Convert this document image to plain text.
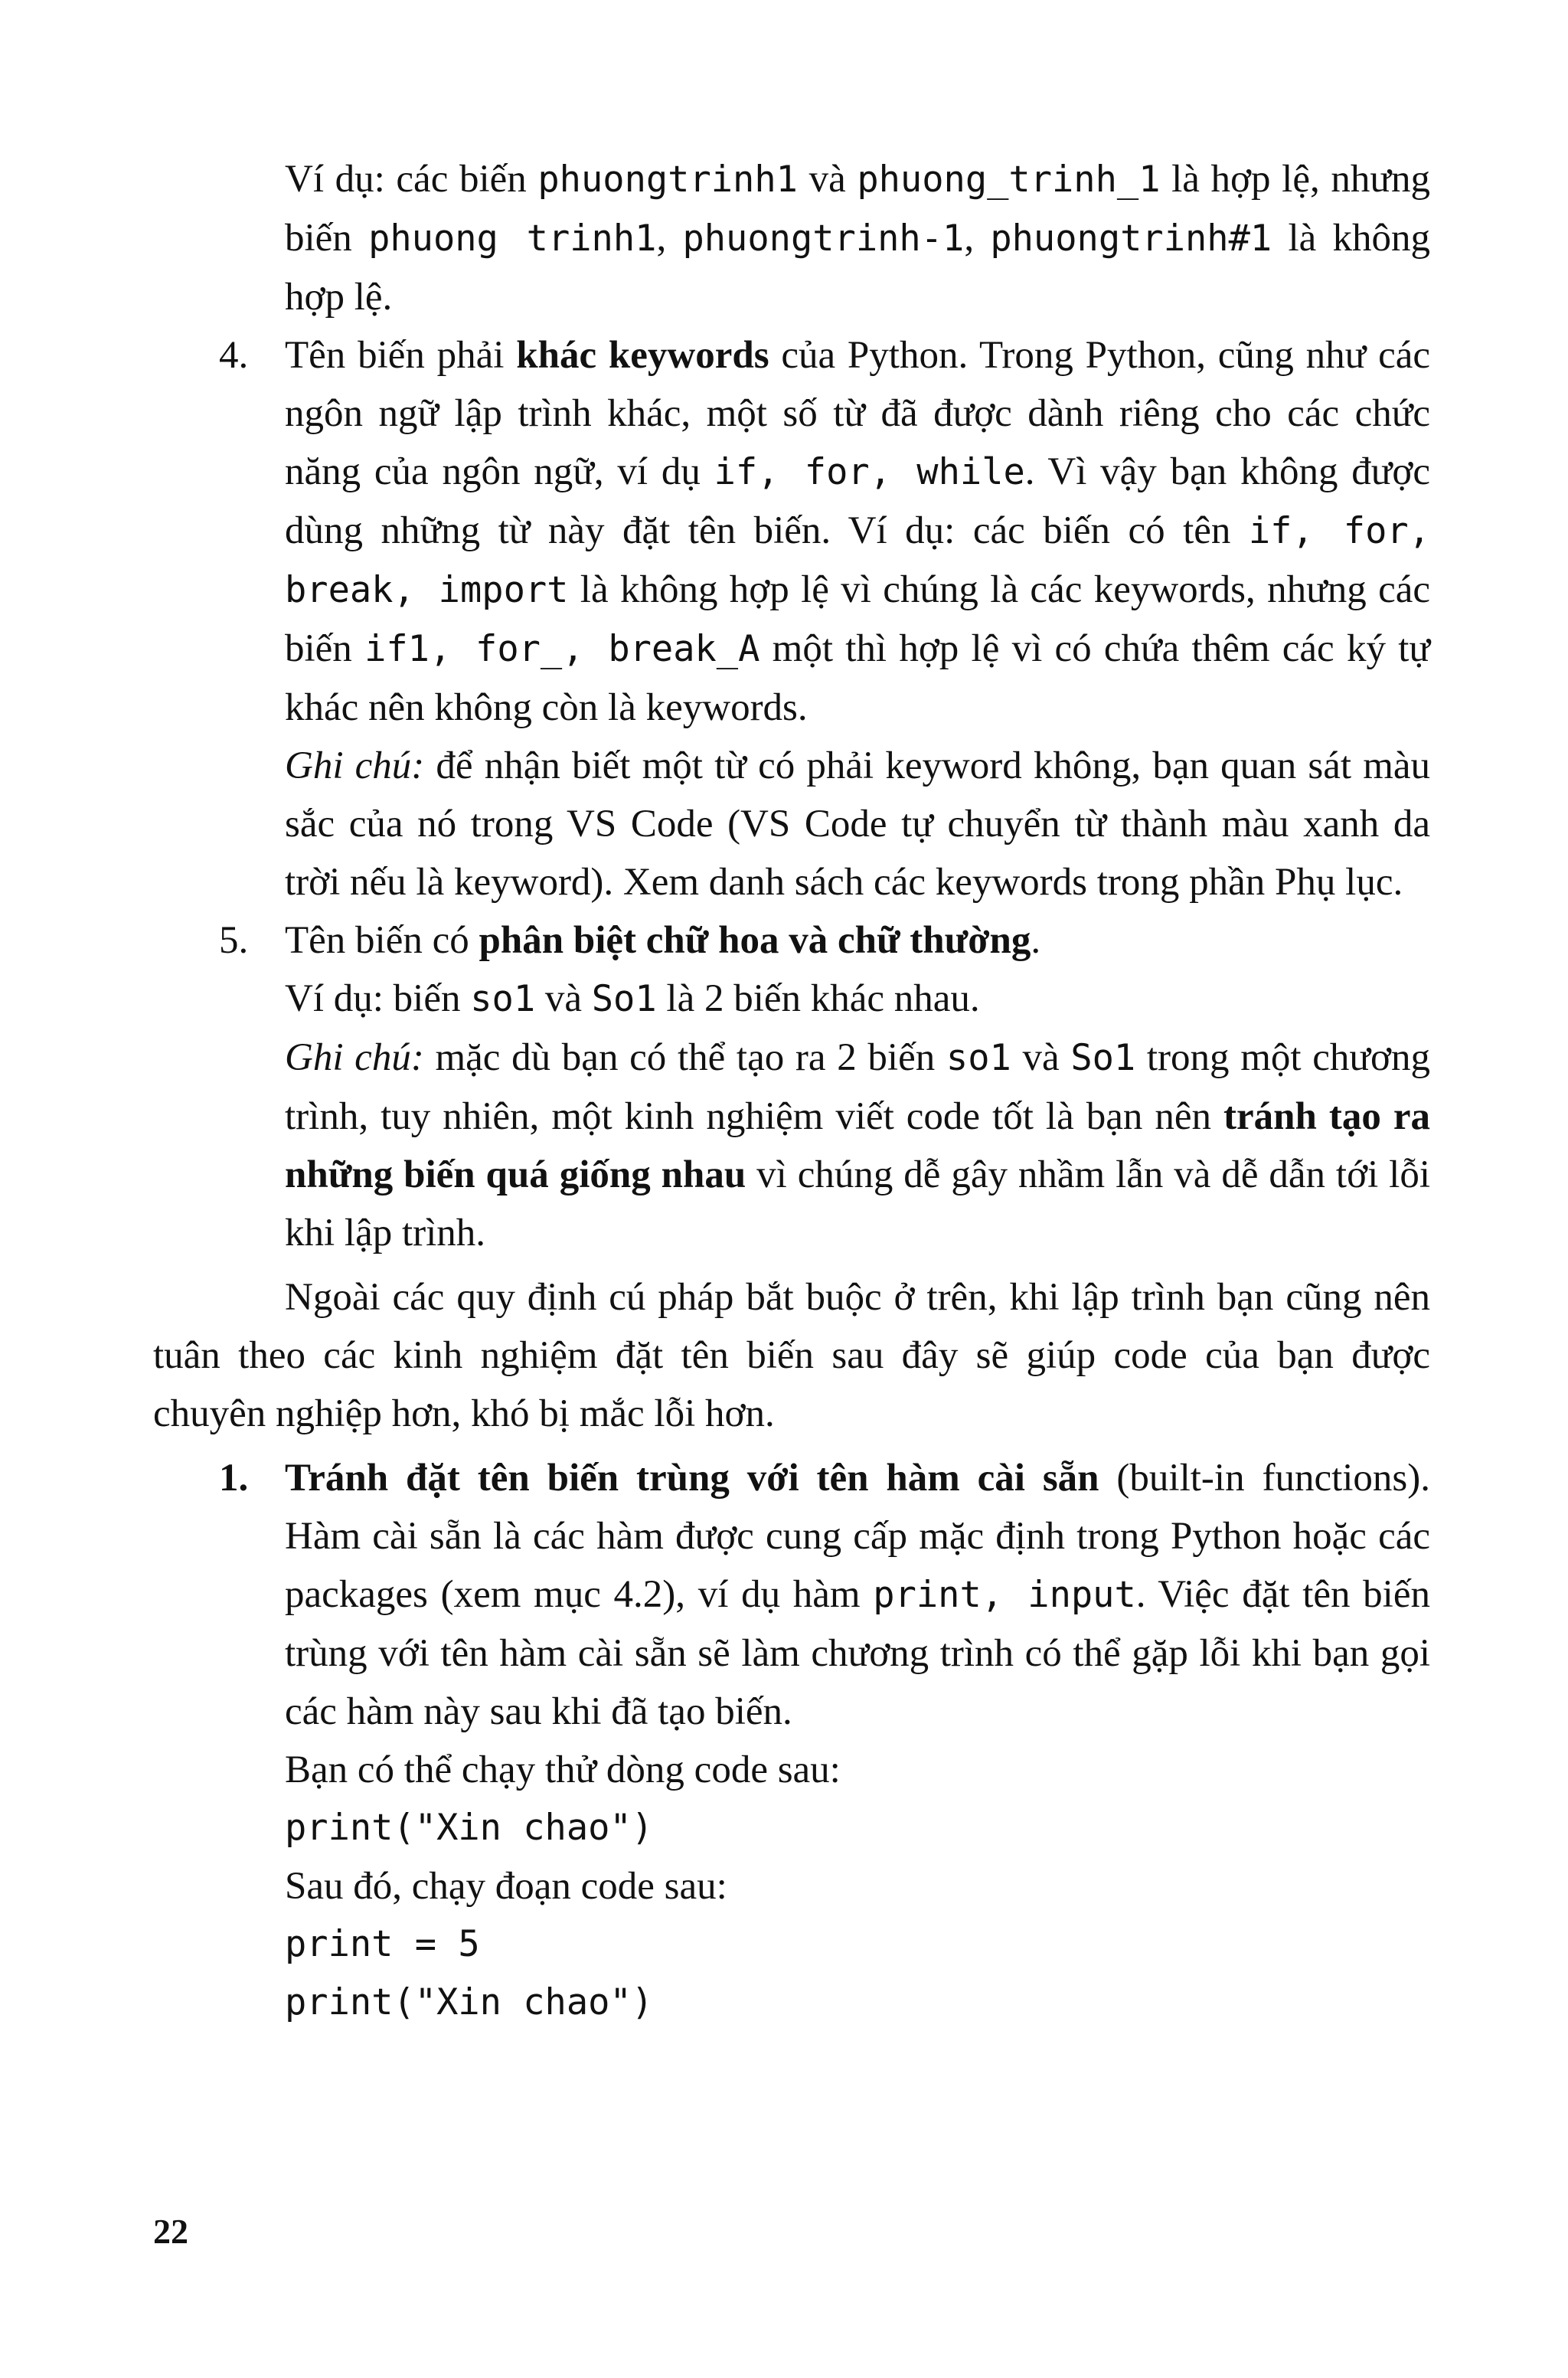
Ví dụ: các biến phuongtrinh1 và phuong_trinh_1 là hợp lệ, nhưng biến phuong trinh1, phuongtrinh-1, phuongtrinh#1 là không hợp lệ.

4. Tên biến phải khác keywords của Python. Trong Python, cũng như các ngôn ngữ lập trình khác, một số từ đã được dành riêng cho các chức năng của ngôn ngữ, ví dụ if, for, while. Vì vậy bạn không được dùng những từ này đặt tên biến. Ví dụ: các biến có tên if, for, break, import là không hợp lệ vì chúng là các keywords, nhưng các biến if1, for_, break_A một thì hợp lệ vì có chứa thêm các ký tự khác nên không còn là keywords.

Ghi chú: để nhận biết một từ có phải keyword không, bạn quan sát màu sắc của nó trong VS Code (VS Code tự chuyển từ thành màu xanh da trời nếu là keyword). Xem danh sách các keywords trong phần Phụ lục.

5. Tên biến có phân biệt chữ hoa và chữ thường.

Ví dụ: biến so1 và So1 là 2 biến khác nhau.

Ghi chú: mặc dù bạn có thể tạo ra 2 biến so1 và So1 trong một chương trình, tuy nhiên, một kinh nghiệm viết code tốt là bạn nên tránh tạo ra những biến quá giống nhau vì chúng dễ gây nhầm lẫn và dễ dẫn tới lỗi khi lập trình.

Ngoài các quy định cú pháp bắt buộc ở trên, khi lập trình bạn cũng nên tuân theo các kinh nghiệm đặt tên biến sau đây sẽ giúp code của bạn được chuyên nghiệp hơn, khó bị mắc lỗi hơn.

1. Tránh đặt tên biến trùng với tên hàm cài sẵn (built-in functions). Hàm cài sẵn là các hàm được cung cấp mặc định trong Python hoặc các packages (xem mục 4.2), ví dụ hàm print, input. Việc đặt tên biến trùng với tên hàm cài sẵn sẽ làm chương trình có thể gặp lỗi khi bạn gọi các hàm này sau khi đã tạo biến.

Bạn có thể chạy thử dòng code sau:

print("Xin chao")

Sau đó, chạy đoạn code sau:

print = 5

print("Xin chao")

22
